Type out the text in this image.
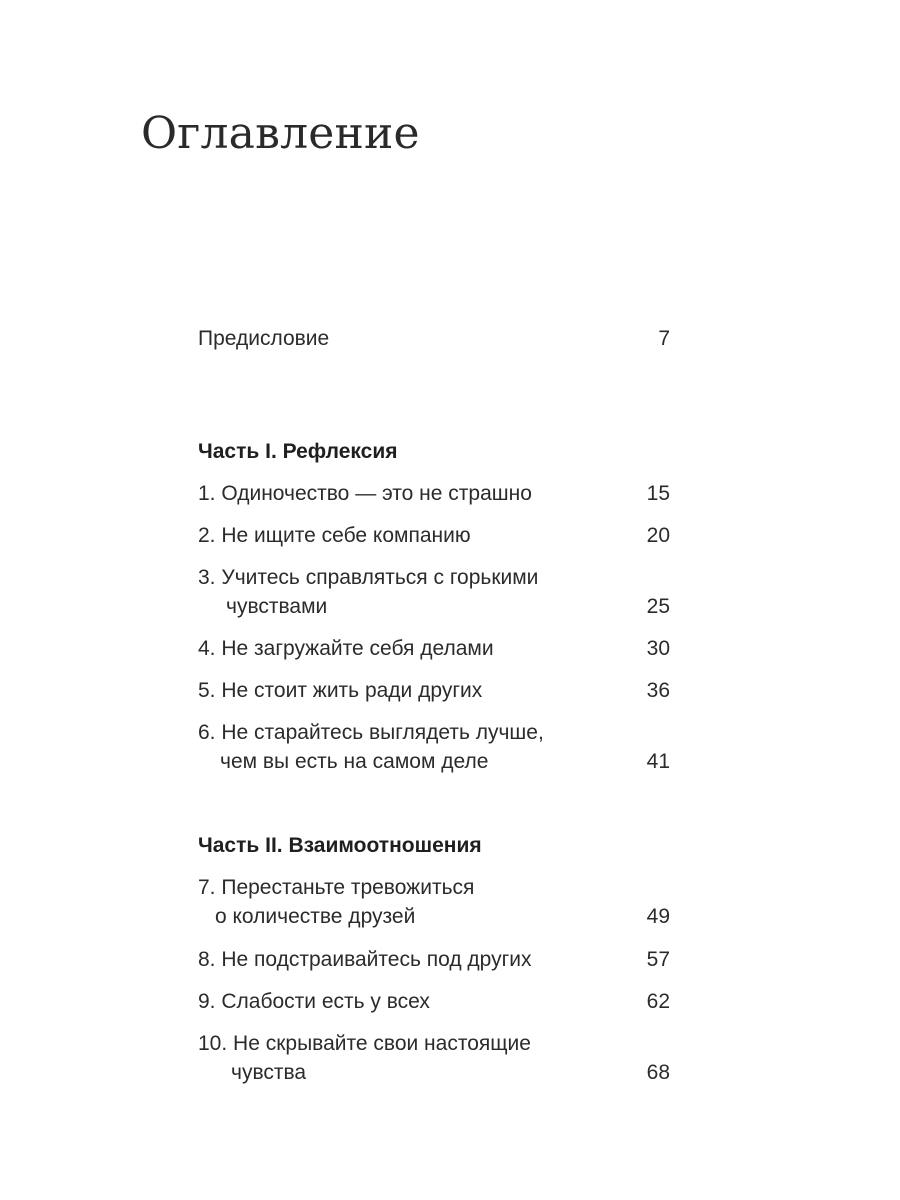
Оглавление
Предисловие	7
Часть I. Рефлексия
1. Одиночество — это не страшно	15
2. Не ищите себе компанию	20
3. Учитесь справляться с горькими
чувствами	25
4. Не загружайте себя делами	30
5. Не стоит жить ради других	36
6. Не старайтесь выглядеть лучше,
чем вы есть на самом деле	41
Часть II. Взаимоотношения
7. Перестаньте тревожиться
о количестве друзей	49
8. Не подстраивайтесь под других	57
9. Слабости есть у всех	62
10. Не скрывайте свои настоящие
чувства	68
